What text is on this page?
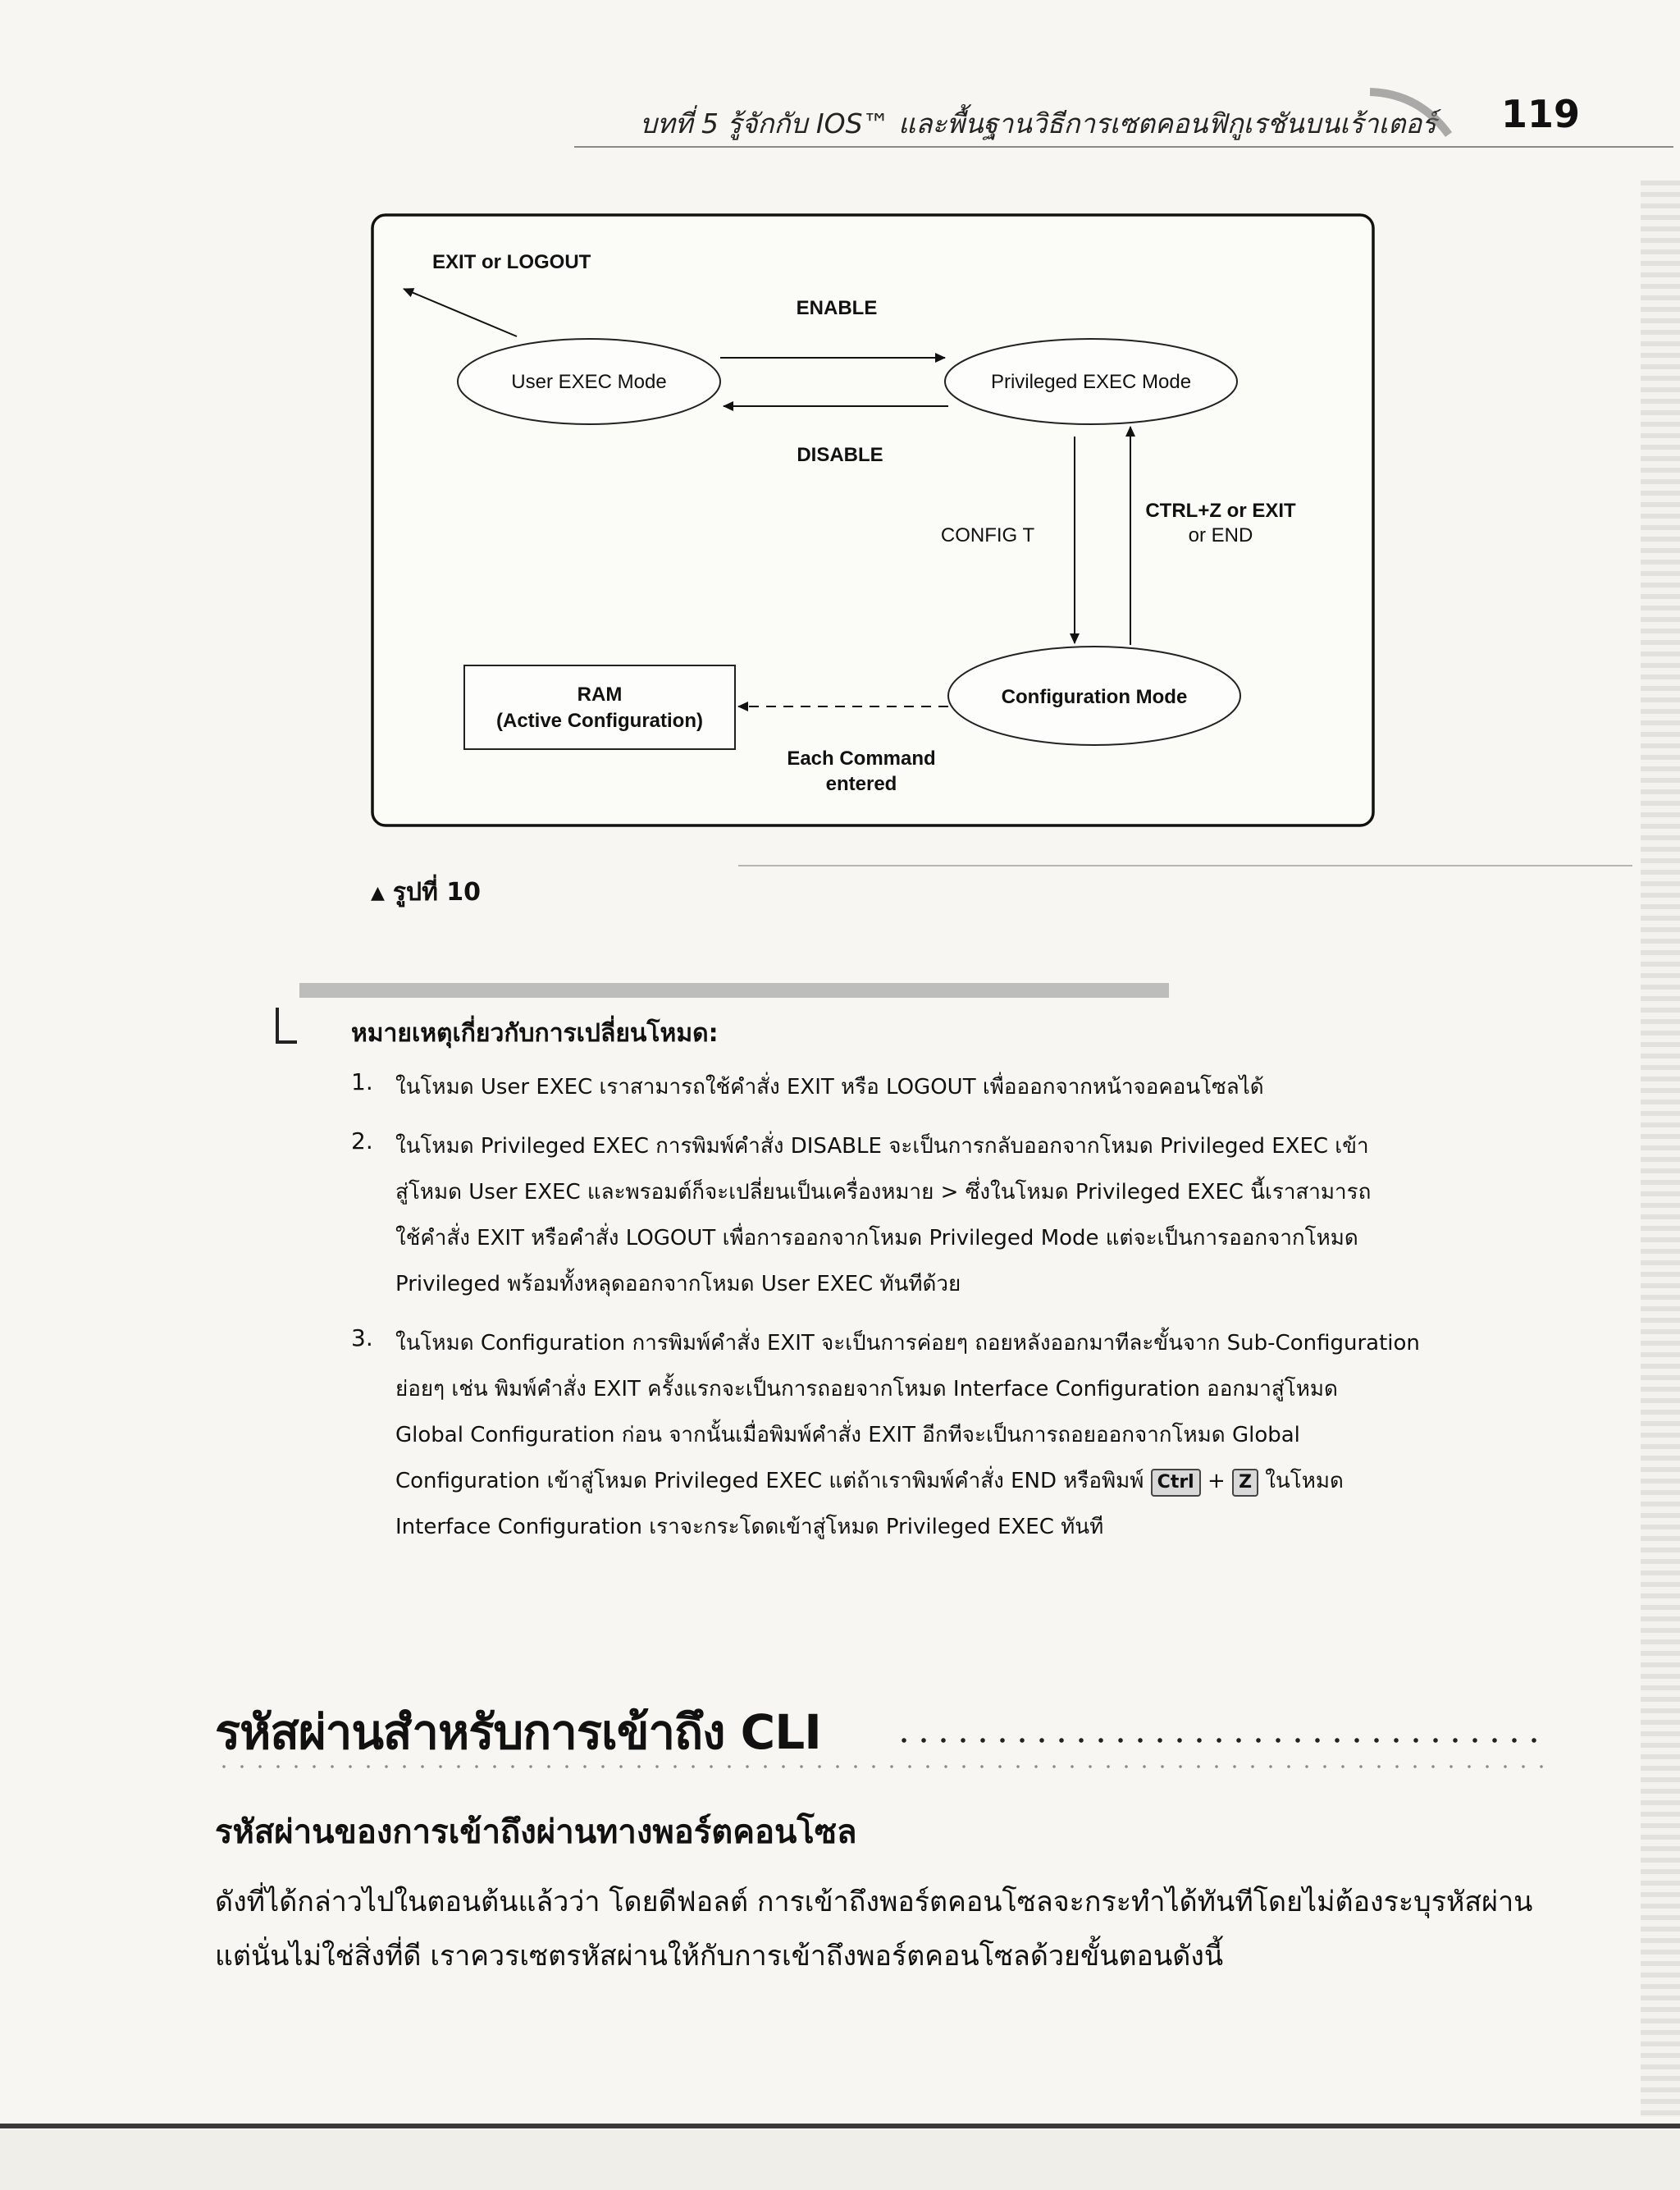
บทที่ 5 รู้จักกับ IOS™ และพื้นฐานวิธีการเซตคอนฟิกูเรชันบนเร้าเตอร์ 119
User EXEC Mode	Privileged EXEC Mode
Configuration Mode
RAM
(Active Configuration)
EXIT or LOGOUT
ENABLE
DISABLE
CONFIG T
CTRL+Z or EXIT
or END
Each Command
entered
▲ รูปที่ 10
หมายเหตุเกี่ยวกับการเปลี่ยนโหมด:
1. ในโหมด User EXEC เราสามารถใช้คำสั่ง EXIT หรือ LOGOUT เพื่อออกจากหน้าจอคอนโซลได้
2. ในโหมด Privileged EXEC การพิมพ์คำสั่ง DISABLE จะเป็นการกลับออกจากโหมด Privileged EXEC เข้า
สู่โหมด User EXEC และพรอมต์ก็จะเปลี่ยนเป็นเครื่องหมาย > ซึ่งในโหมด Privileged EXEC นี้เราสามารถ
ใช้คำสั่ง EXIT หรือคำสั่ง LOGOUT เพื่อการออกจากโหมด Privileged Mode แต่จะเป็นการออกจากโหมด
Privileged พร้อมทั้งหลุดออกจากโหมด User EXEC ทันทีด้วย
3. ในโหมด Configuration การพิมพ์คำสั่ง EXIT จะเป็นการค่อยๆ ถอยหลังออกมาทีละขั้นจาก Sub-Configuration
ย่อยๆ เช่น พิมพ์คำสั่ง EXIT ครั้งแรกจะเป็นการถอยจากโหมด Interface Configuration ออกมาสู่โหมด
Global Configuration ก่อน จากนั้นเมื่อพิมพ์คำสั่ง EXIT อีกทีจะเป็นการถอยออกจากโหมด Global
Configuration เข้าสู่โหมด Privileged EXEC แต่ถ้าเราพิมพ์คำสั่ง END หรือพิมพ์ Ctrl + Z ในโหมด
Interface Configuration เราจะกระโดดเข้าสู่โหมด Privileged EXEC ทันที
รหัสผ่านสำหรับการเข้าถึง CLI
รหัสผ่านของการเข้าถึงผ่านทางพอร์ตคอนโซล
ดังที่ได้กล่าวไปในตอนต้นแล้วว่า โดยดีฟอลต์ การเข้าถึงพอร์ตคอนโซลจะกระทำได้ทันทีโดยไม่ต้องระบุรหัสผ่าน
แต่นั่นไม่ใช่สิ่งที่ดี เราควรเซตรหัสผ่านให้กับการเข้าถึงพอร์ตคอนโซลด้วยขั้นตอนดังนี้
